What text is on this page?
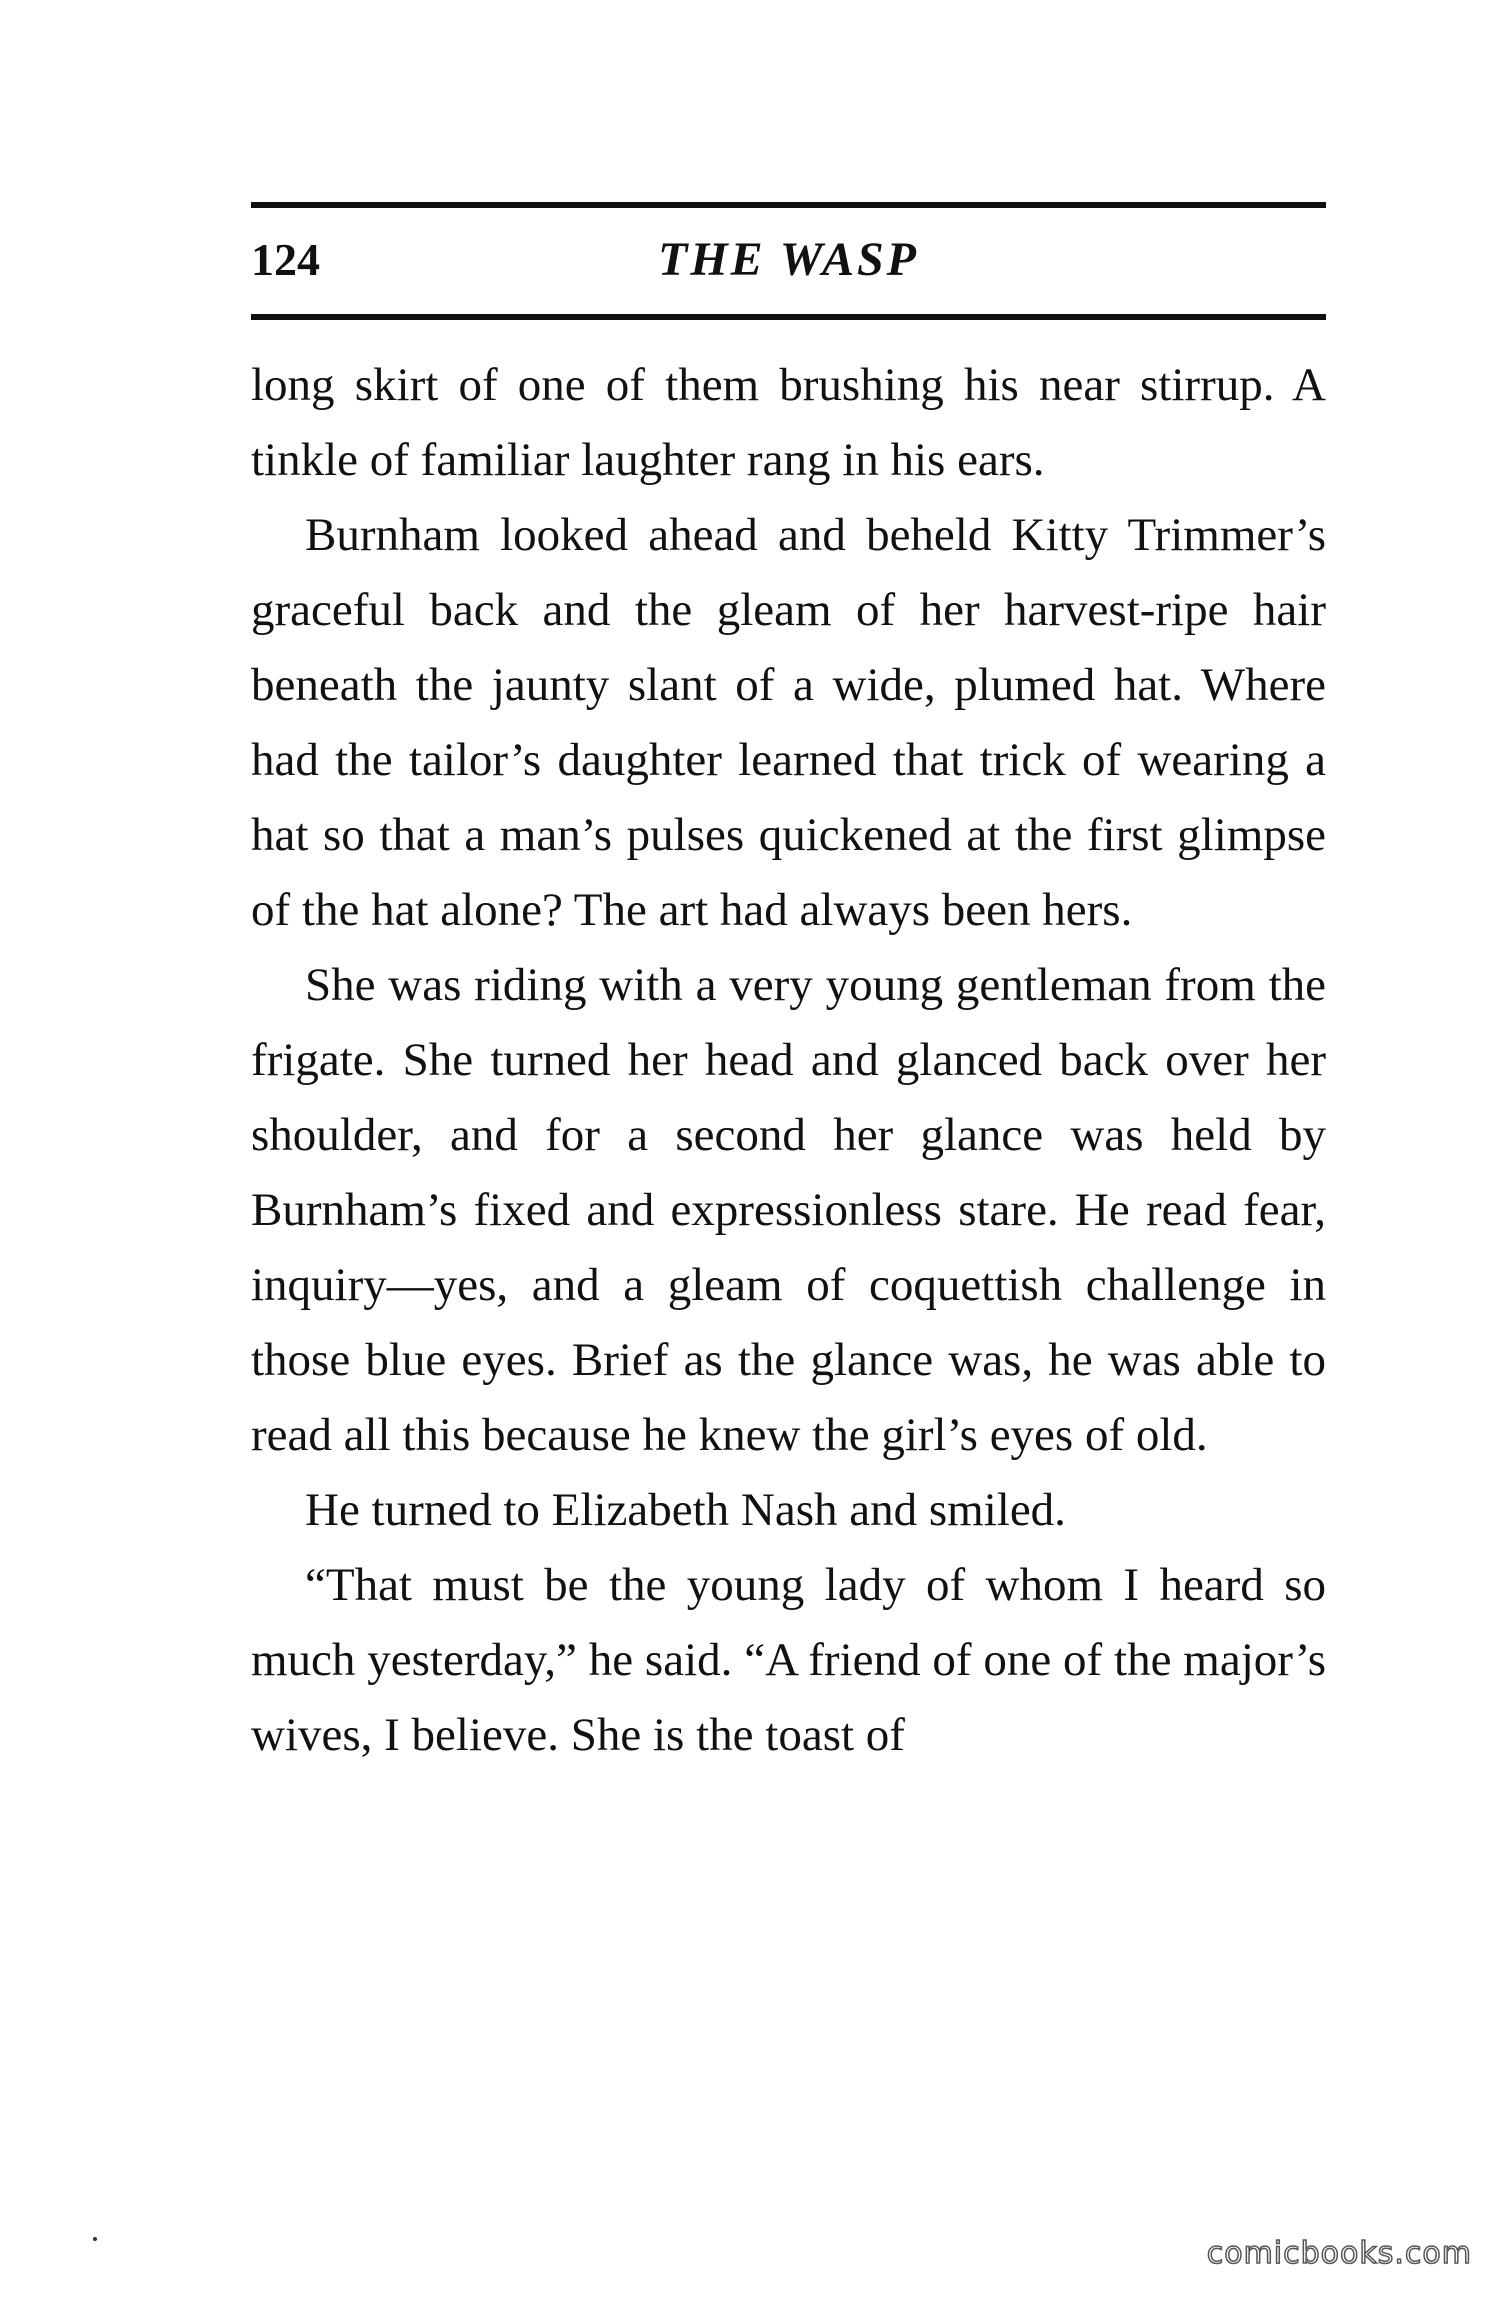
124	THE WASP

long skirt of one of them brushing his near stirrup. A tinkle of familiar laughter rang in his ears.

Burnham looked ahead and beheld Kitty Trimmer’s graceful back and the gleam of her harvest-ripe hair beneath the jaunty slant of a wide, plumed hat. Where had the tailor’s daughter learned that trick of wearing a hat so that a man’s pulses quickened at the first glimpse of the hat alone? The art had always been hers.

She was riding with a very young gentleman from the frigate. She turned her head and glanced back over her shoulder, and for a second her glance was held by Burnham’s fixed and expressionless stare. He read fear, inquiry—yes, and a gleam of coquettish challenge in those blue eyes. Brief as the glance was, he was able to read all this because he knew the girl’s eyes of old.

He turned to Elizabeth Nash and smiled.

“That must be the young lady of whom I heard so much yesterday,” he said. “A friend of one of the major’s wives, I believe. She is the toast of

comicbooks.com
